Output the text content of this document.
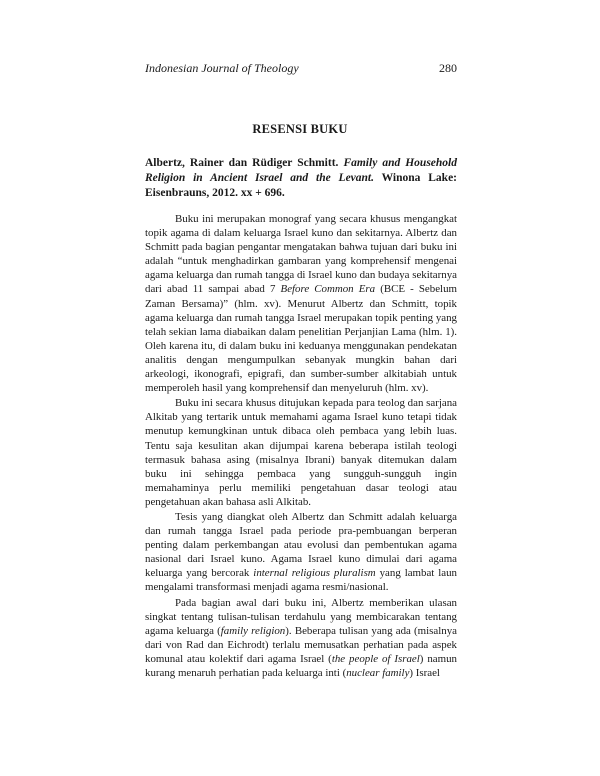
Indonesian Journal of Theology	280
RESENSI BUKU
Albertz, Rainer dan Rüdiger Schmitt. Family and Household Religion in Ancient Israel and the Levant. Winona Lake: Eisenbrauns, 2012. xx + 696.

Buku ini merupakan monograf yang secara khusus mengangkat topik agama di dalam keluarga Israel kuno dan sekitarnya. Albertz dan Schmitt pada bagian pengantar mengatakan bahwa tujuan dari buku ini adalah “untuk menghadirkan gambaran yang komprehensif mengenai agama keluarga dan rumah tangga di Israel kuno dan budaya sekitarnya dari abad 11 sampai abad 7 Before Common Era (BCE - Sebelum Zaman Bersama)” (hlm. xv). Menurut Albertz dan Schmitt, topik agama keluarga dan rumah tangga Israel merupakan topik penting yang telah sekian lama diabaikan dalam penelitian Perjanjian Lama (hlm. 1). Oleh karena itu, di dalam buku ini keduanya menggunakan pendekatan analitis dengan mengumpulkan sebanyak mungkin bahan dari arkeologi, ikonografi, epigrafi, dan sumber-sumber alkitabiah untuk memperoleh hasil yang komprehensif dan menyeluruh (hlm. xv).

Buku ini secara khusus ditujukan kepada para teolog dan sarjana Alkitab yang tertarik untuk memahami agama Israel kuno tetapi tidak menutup kemungkinan untuk dibaca oleh pembaca yang lebih luas. Tentu saja kesulitan akan dijumpai karena beberapa istilah teologi termasuk bahasa asing (misalnya Ibrani) banyak ditemukan dalam buku ini sehingga pembaca yang sungguh-sungguh ingin memahaminya perlu memiliki pengetahuan dasar teologi atau pengetahuan akan bahasa asli Alkitab.

Tesis yang diangkat oleh Albertz dan Schmitt adalah keluarga dan rumah tangga Israel pada periode pra-pembuangan berperan penting dalam perkembangan atau evolusi dan pembentukan agama nasional dari Israel kuno. Agama Israel kuno dimulai dari agama keluarga yang bercorak internal religious pluralism yang lambat laun mengalami transformasi menjadi agama resmi/nasional.

Pada bagian awal dari buku ini, Albertz memberikan ulasan singkat tentang tulisan-tulisan terdahulu yang membicarakan tentang agama keluarga (family religion). Beberapa tulisan yang ada (misalnya dari von Rad dan Eichrodt) terlalu memusatkan perhatian pada aspek komunal atau kolektif dari agama Israel (the people of Israel) namun kurang menaruh perhatian pada keluarga inti (nuclear family) Israel
